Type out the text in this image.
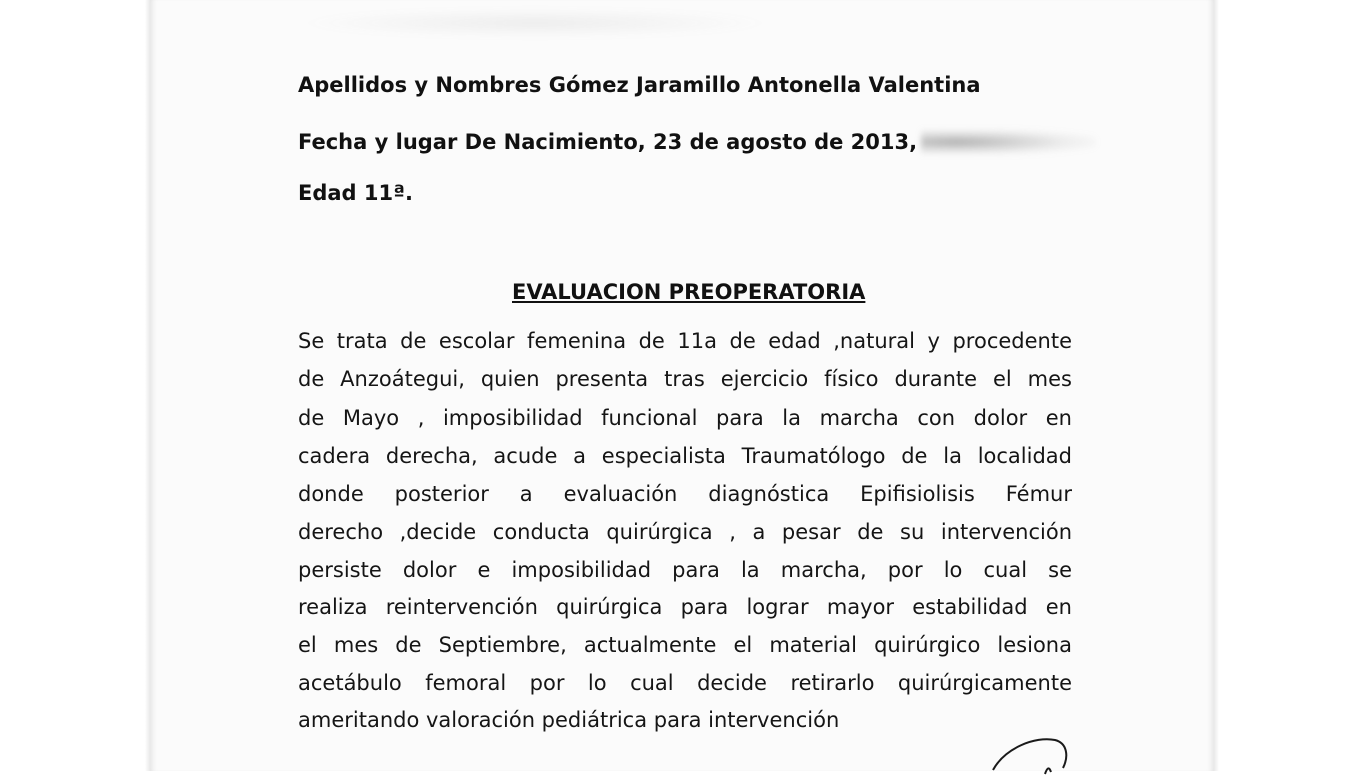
Apellidos y Nombres Gómez Jaramillo Antonella Valentina
Fecha y lugar De Nacimiento, 23 de agosto de 2013,
Edad 11ª.
EVALUACION PREOPERATORIA
Se trata de escolar femenina de 11a de edad ,natural y procedente
de Anzoátegui, quien presenta tras ejercicio físico durante el mes
de Mayo , imposibilidad funcional para la marcha con dolor en
cadera derecha, acude a especialista Traumatólogo de la localidad
donde posterior a evaluación diagnóstica Epifisiolisis Fémur
derecho ,decide conducta quirúrgica , a pesar de su intervención
persiste dolor e imposibilidad para la marcha, por lo cual se
realiza reintervención quirúrgica para lograr mayor estabilidad en
el mes de Septiembre, actualmente el material quirúrgico lesiona
acetábulo femoral por lo cual decide retirarlo quirúrgicamente
ameritando valoración pediátrica para intervención
